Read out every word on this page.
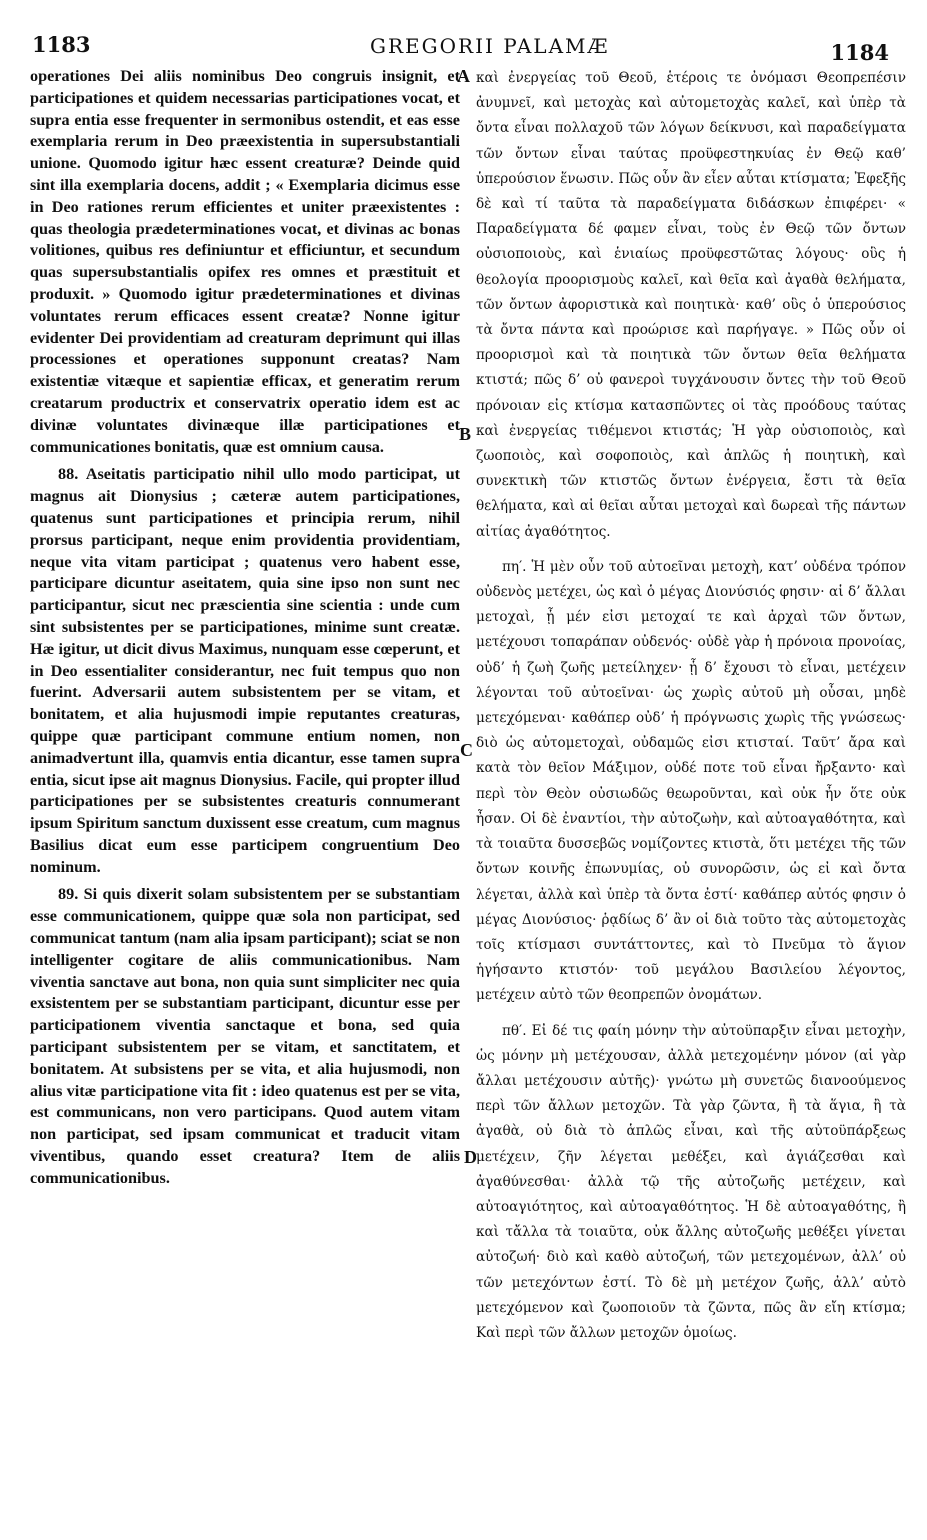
1183	GREGORII PALAMÆ	1184

operationes Dei aliis nominibus Deo congruis insignit, et participationes et quidem necessarias participationes vocat, et supra entia esse frequenter in sermonibus ostendit, et eas esse exemplaria rerum in Deo præexistentia in supersubstantiali unione. Quomodo igitur hæc essent creaturæ? Deinde quid sint illa exemplaria docens, addit ; « Exemplaria dicimus esse in Deo rationes rerum efficientes et uniter præexistentes : quas theologia prædeterminationes vocat, et divinas ac bonas volitiones, quibus res definiuntur et efficiuntur, et secundum quas supersubstantialis opifex res omnes et præstituit et produxit. » Quomodo igitur prædeterminationes et divinas voluntates rerum efficaces essent creatæ? Nonne igitur evidenter Dei providentiam ad creaturam deprimunt qui illas processiones et operationes supponunt creatas? Nam existentiæ vitæque et sapientiæ efficax, et generatim rerum creatarum productrix et conservatrix operatio idem est ac divinæ voluntates divinæque illæ participationes et communicationes bonitatis, quæ est omnium causa.

88. Aseitatis participatio nihil ullo modo participat, ut magnus ait Dionysius ; cæteræ autem participationes, quatenus sunt participationes et principia rerum, nihil prorsus participant, neque enim providentia providentiam, neque vita vitam participat ; quatenus vero habent esse, participare dicuntur aseitatem, quia sine ipso non sunt nec participantur, sicut nec præscientia sine scientia : unde cum sint subsistentes per se participationes, minime sunt creatæ. Hæ igitur, ut dicit divus Maximus, nunquam esse cœperunt, et in Deo essentialiter considerantur, nec fuit tempus quo non fuerint. Adversarii autem subsistentem per se vitam, et bonitatem, et alia hujusmodi impie reputantes creaturas, quippe quæ participant commune entium nomen, non animadvertunt illa, quamvis entia dicantur, esse tamen supra entia, sicut ipse ait magnus Dionysius. Facile, qui propter illud participationes per se subsistentes creaturis connumerant ipsum Spiritum sanctum duxissent esse creatum, cum magnus Basilius dicat eum esse participem congruentium Deo nominum.

89. Si quis dixerit solam subsistentem per se substantiam esse communicationem, quippe quæ sola non participat, sed communicat tantum (nam alia ipsam participant); sciat se non intelligenter cogitare de aliis communicationibus. Nam viventia sanctave aut bona, non quia sunt simpliciter nec quia exsistentem per se substantiam participant, dicuntur esse per participationem viventia sanctaque et bona, sed quia participant subsistentem per se vitam, et sanctitatem, et bonitatem. At subsistens per se vita, et alia hujusmodi, non alius vitæ participatione vita fit : ideo quatenus est per se vita, est communicans, non vero participans. Quod autem vitam non participat, sed ipsam communicat et traducit vitam viventibus, quando esset creatura? Item de aliis communicationibus.

A
B
C
D

καὶ ἐνεργείας τοῦ Θεοῦ, ἑτέροις τε ὀνόμασι Θεοπρεπέσιν ἀνυμνεῖ, καὶ μετοχὰς καὶ αὐτομετοχὰς καλεῖ, καὶ ὑπὲρ τὰ ὄντα εἶναι πολλαχοῦ τῶν λόγων δείκνυσι, καὶ παραδείγματα τῶν ὄντων εἶναι ταύτας προϋφεστηκυίας ἐν Θεῷ καθ’ ὑπερούσιον ἕνωσιν. Πῶς οὖν ἂν εἶεν αὗται κτίσματα; Ἐφεξῆς δὲ καὶ τί ταῦτα τὰ παραδείγματα διδάσκων ἐπιφέρει· « Παραδείγματα δέ φαμεν εἶναι, τοὺς ἐν Θεῷ τῶν ὄντων οὐσιοποιοὺς, καὶ ἑνιαίως προϋφεστῶτας λόγους· οὓς ἡ θεολογία προορισμοὺς καλεῖ, καὶ θεῖα καὶ ἀγαθὰ θελήματα, τῶν ὄντων ἀφοριστικὰ καὶ ποιητικὰ· καθ’ οὓς ὁ ὑπερούσιος τὰ ὄντα πάντα καὶ προώρισε καὶ παρήγαγε. » Πῶς οὖν οἱ προορισμοὶ καὶ τὰ ποιητικὰ τῶν ὄντων θεῖα θελήματα κτιστά; πῶς δ’ οὐ φανεροὶ τυγχάνουσιν ὄντες τὴν τοῦ Θεοῦ πρόνοιαν εἰς κτίσμα κατασπῶντες οἱ τὰς προόδους ταύτας καὶ ἐνεργείας τιθέμενοι κτιστάς; Ἡ γὰρ οὐσιοποιὸς, καὶ ζωοποιὸς, καὶ σοφοποιὸς, καὶ ἁπλῶς ἡ ποιητικὴ, καὶ συνεκτικὴ τῶν κτιστῶς ὄντων ἐνέργεια, ἔστι τὰ θεῖα θελήματα, καὶ αἱ θεῖαι αὗται μετοχαὶ καὶ δωρεαὶ τῆς πάντων αἰτίας ἀγαθότητος.

πη′. Ἡ μὲν οὖν τοῦ αὐτοεῖναι μετοχὴ, κατ’ οὐδένα τρόπον οὐδενὸς μετέχει, ὡς καὶ ὁ μέγας Διονύσιός φησιν· αἱ δ’ ἄλλαι μετοχαὶ, ᾗ μέν εἰσι μετοχαί τε καὶ ἀρχαὶ τῶν ὄντων, μετέχουσι τοπαράπαν οὐδενός· οὐδὲ γὰρ ἡ πρόνοια προνοίας, οὐδ’ ἡ ζωὴ ζωῆς μετείληχεν· ᾗ δ’ ἔχουσι τὸ εἶναι, μετέχειν λέγονται τοῦ αὐτοεῖναι· ὡς χωρὶς αὐτοῦ μὴ οὖσαι, μηδὲ μετεχόμεναι· καθάπερ οὐδ’ ἡ πρόγνωσις χωρὶς τῆς γνώσεως· διὸ ὡς αὐτομετοχαὶ, οὐδαμῶς εἰσι κτισταί. Ταῦτ’ ἄρα καὶ κατὰ τὸν θεῖον Μάξιμον, οὐδέ ποτε τοῦ εἶναι ἤρξαντο· καὶ περὶ τὸν Θεὸν οὐσιωδῶς θεωροῦνται, καὶ οὐκ ἦν ὅτε οὐκ ἦσαν. Οἱ δὲ ἐναντίοι, τὴν αὐτοζωὴν, καὶ αὐτοαγαθότητα, καὶ τὰ τοιαῦτα δυσσεβῶς νομίζοντες κτιστὰ, ὅτι μετέχει τῆς τῶν ὄντων κοινῆς ἐπωνυμίας, οὐ συνορῶσιν, ὡς εἰ καὶ ὄντα λέγεται, ἀλλὰ καὶ ὑπὲρ τὰ ὄντα ἐστί· καθάπερ αὐτός φησιν ὁ μέγας Διονύσιος· ῥᾳδίως δ’ ἂν οἱ διὰ τοῦτο τὰς αὐτομετοχὰς τοῖς κτίσμασι συντάττοντες, καὶ τὸ Πνεῦμα τὸ ἅγιον ἡγήσαντο κτιστόν· τοῦ μεγάλου Βασιλείου λέγοντος, μετέχειν αὐτὸ τῶν θεοπρεπῶν ὀνομάτων.

πθ′. Εἰ δέ τις φαίη μόνην τὴν αὐτοϋπαρξιν εἶναι μετοχὴν, ὡς μόνην μὴ μετέχουσαν, ἀλλὰ μετεχομένην μόνον (αἱ γὰρ ἄλλαι μετέχουσιν αὐτῆς)· γνώτω μὴ συνετῶς διανοούμενος περὶ τῶν ἄλλων μετοχῶν. Τὰ γὰρ ζῶντα, ἢ τὰ ἅγια, ἢ τὰ ἀγαθὰ, οὐ διὰ τὸ ἁπλῶς εἶναι, καὶ τῆς αὐτοϋπάρξεως μετέχειν, ζῆν λέγεται μεθέξει, καὶ ἁγιάζεσθαι καὶ ἀγαθύνεσθαι· ἀλλὰ τῷ τῆς αὐτοζωῆς μετέχειν, καὶ αὐτοαγιότητος, καὶ αὐτοαγαθότητος. Ἡ δὲ αὐτοαγαθότης, ἢ καὶ τἄλλα τὰ τοιαῦτα, οὐκ ἄλλης αὐτοζωῆς μεθέξει γίνεται αὐτοζωή· διὸ καὶ καθὸ αὐτοζωή, τῶν μετεχομένων, ἀλλ’ οὐ τῶν μετεχόντων ἐστί. Τὸ δὲ μὴ μετέχον ζωῆς, ἀλλ’ αὐτὸ μετεχόμενον καὶ ζωοποιοῦν τὰ ζῶντα, πῶς ἂν εἴη κτίσμα; Καὶ περὶ τῶν ἄλλων μετοχῶν ὁμοίως.
